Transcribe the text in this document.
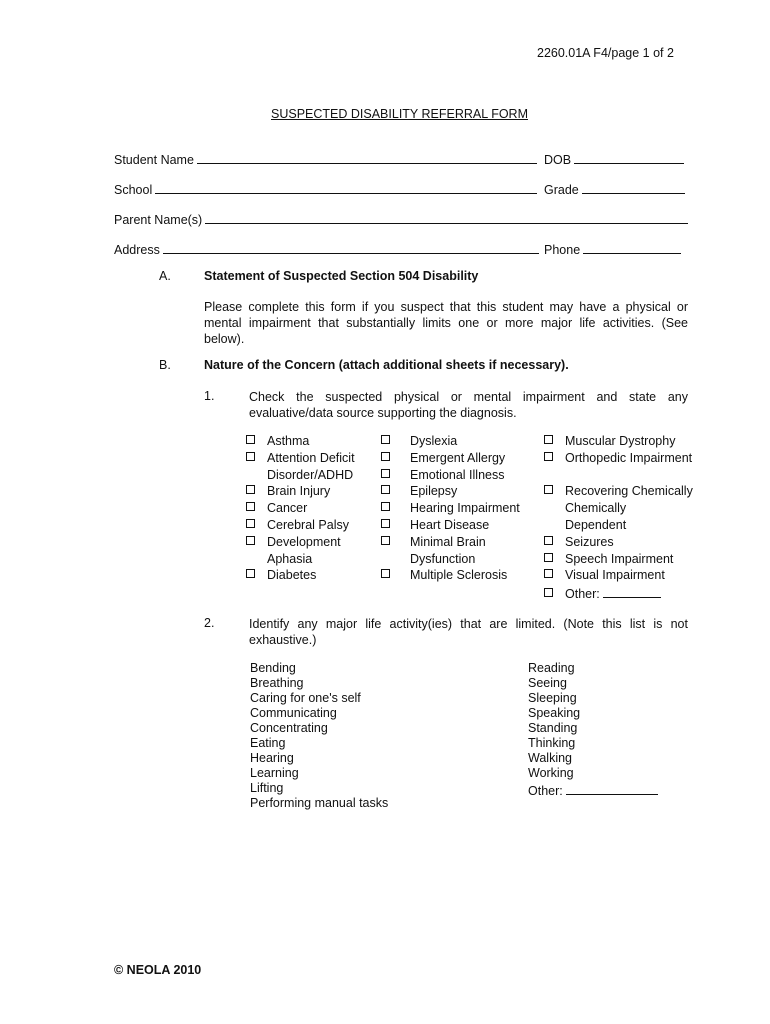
2260.01A F4/page 1 of 2
SUSPECTED DISABILITY REFERRAL FORM
Student Name	DOB
School	Grade
Parent Name(s)
Address	Phone
A.	Statement of Suspected Section 504 Disability
Please complete this form if you suspect that this student may have a physical or mental impairment that substantially limits one or more major life activities. (See below).
B.	Nature of the Concern (attach additional sheets if necessary).
1.	Check the suspected physical or mental impairment and state any evaluative/data source supporting the diagnosis.
Asthma
Attention Deficit
Disorder/ADHD
Brain Injury
Cancer
Cerebral Palsy
Development
Aphasia
Diabetes
Dyslexia
Emergent Allergy
Emotional Illness
Epilepsy
Hearing Impairment
Heart Disease
Minimal Brain
Dysfunction
Multiple Sclerosis
Muscular Dystrophy
Orthopedic Impairment

Recovering Chemically
Chemically
Dependent
Seizures
Speech Impairment
Visual Impairment
Other:
2.	Identify any major life activity(ies) that are limited. (Note this list is not exhaustive.)
Bending
Breathing
Caring for one's self
Communicating
Concentrating
Eating
Hearing
Learning
Lifting
Performing manual tasks
Reading
Seeing
Sleeping
Speaking
Standing
Thinking
Walking
Working
Other:
© NEOLA 2010
